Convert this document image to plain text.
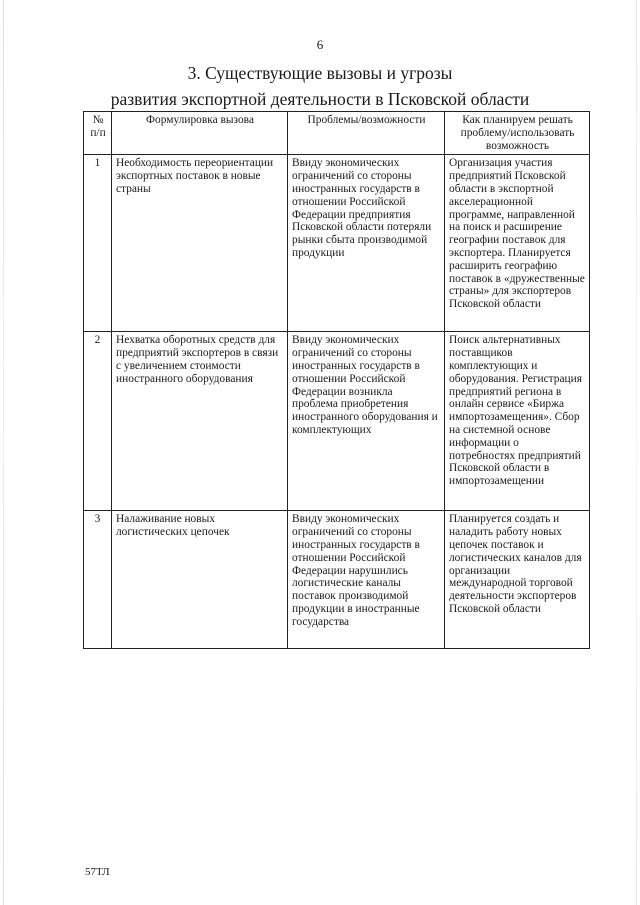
6
3. Существующие вызовы и угрозы
развития экспортной деятельности в Псковской области
№ п/п	Формулировка вызова	Проблемы/возможности	Как планируем решать проблему/использовать возможность
1	Необходимость переориентации экспортных поставок в новые страны	Ввиду экономических ограничений со стороны иностранных государств в отношении Российской Федерации предприятия Псковской области потеряли рынки сбыта производимой продукции	Организация участия предприятий Псковской области в экспортной акселерационной программе, направленной на поиск и расширение географии поставок для экспортера. Планируется расширить географию поставок в «дружественные страны» для экспортеров Псковской области
2	Нехватка оборотных средств для предприятий экспортеров в связи с увеличением стоимости иностранного оборудования	Ввиду экономических ограничений со стороны иностранных государств в отношении Российской Федерации возникла проблема приобретения иностранного оборудования и комплектующих	Поиск альтернативных поставщиков комплектующих и оборудования. Регистрация предприятий региона в онлайн сервисе «Биржа импортозамещения». Сбор на системной основе информации о потребностях предприятий Псковской области в импортозамещении
3	Налаживание новых логистических цепочек	Ввиду экономических ограничений со стороны иностранных государств в отношении Российской Федерации нарушились логистические каналы поставок производимой продукции в иностранные государства	Планируется создать и наладить работу новых цепочек поставок и логистических каналов для организации международной торговой деятельности экспортеров Псковской области
57ТЛ
